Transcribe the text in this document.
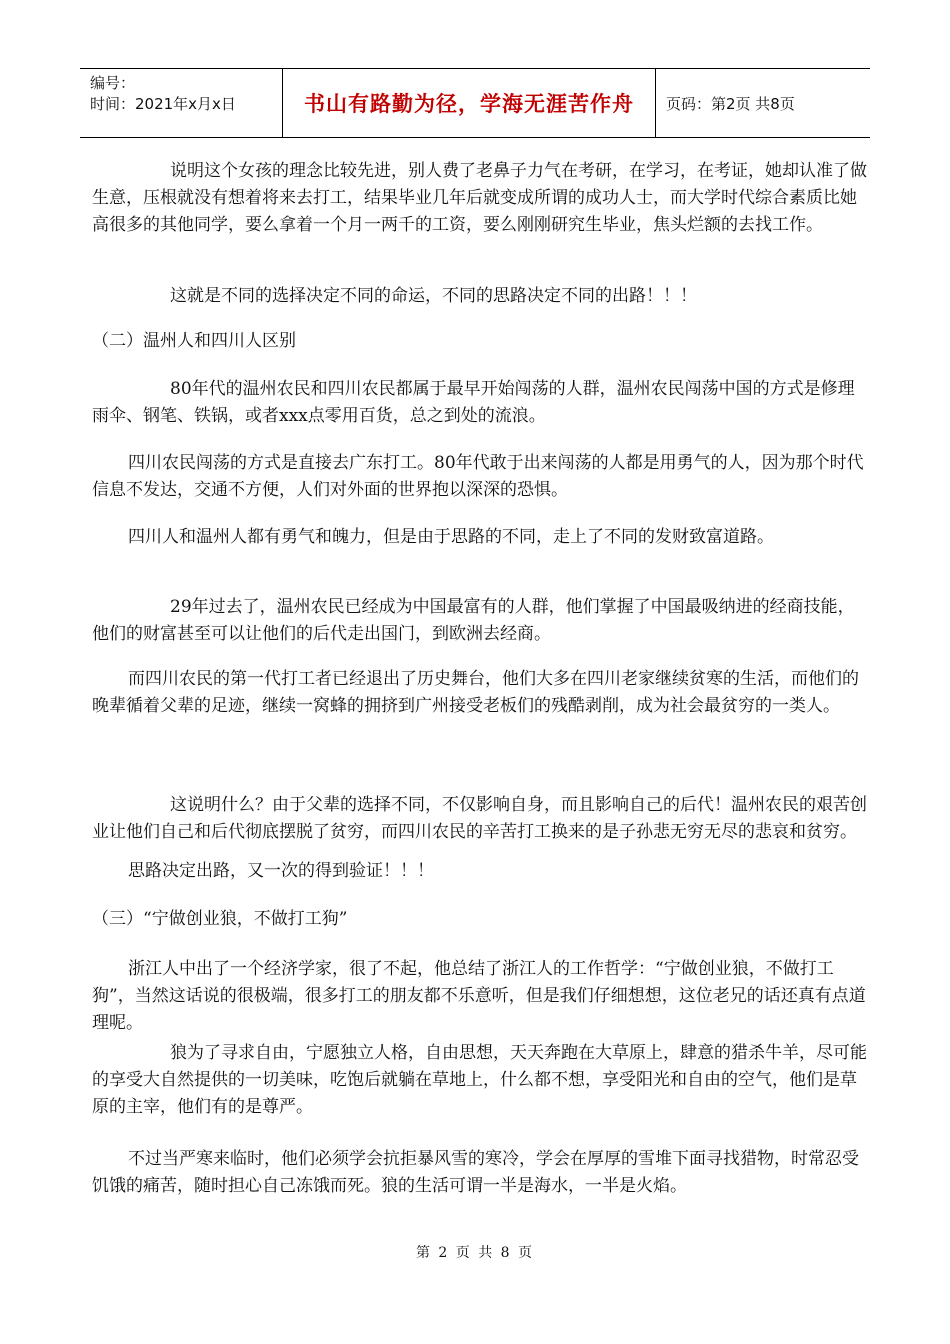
编号：
时间：2021年x月x日	书山有路勤为径，学海无涯苦作舟 页码：第2页 共8页

说明这个女孩的理念比较先进，别人费了老鼻子力气在考研，在学习，在考证，她却认准了做生意，压根就没有想着将来去打工，结果毕业几年后就变成所谓的成功人士，而大学时代综合素质比她高很多的其他同学，要么拿着一个月一两千的工资，要么刚刚研究生毕业，焦头烂额的去找工作。

这就是不同的选择决定不同的命运，不同的思路决定不同的出路！！！

（二）温州人和四川人区别

80年代的温州农民和四川农民都属于最早开始闯荡的人群，温州农民闯荡中国的方式是修理雨伞、钢笔、铁锅，或者xxx点零用百货，总之到处的流浪。

四川农民闯荡的方式是直接去广东打工。80年代敢于出来闯荡的人都是用勇气的人，因为那个时代信息不发达，交通不方便，人们对外面的世界抱以深深的恐惧。

四川人和温州人都有勇气和魄力，但是由于思路的不同，走上了不同的发财致富道路。

29年过去了，温州农民已经成为中国最富有的人群，他们掌握了中国最吸纳进的经商技能，他们的财富甚至可以让他们的后代走出国门，到欧洲去经商。

而四川农民的第一代打工者已经退出了历史舞台，他们大多在四川老家继续贫寒的生活，而他们的晚辈循着父辈的足迹，继续一窝蜂的拥挤到广州接受老板们的残酷剥削，成为社会最贫穷的一类人。

这说明什么？由于父辈的选择不同，不仅影响自身，而且影响自己的后代！温州农民的艰苦创业让他们自己和后代彻底摆脱了贫穷，而四川农民的辛苦打工换来的是子孙悲无穷无尽的悲哀和贫穷。

思路决定出路，又一次的得到验证！！！

（三）“宁做创业狼，不做打工狗”

浙江人中出了一个经济学家，很了不起，他总结了浙江人的工作哲学：“宁做创业狼，不做打工狗”，当然这话说的很极端，很多打工的朋友都不乐意听，但是我们仔细想想，这位老兄的话还真有点道理呢。

狼为了寻求自由，宁愿独立人格，自由思想，天天奔跑在大草原上，肆意的猎杀牛羊，尽可能的享受大自然提供的一切美味，吃饱后就躺在草地上，什么都不想，享受阳光和自由的空气，他们是草原的主宰，他们有的是尊严。

不过当严寒来临时，他们必须学会抗拒暴风雪的寒冷，学会在厚厚的雪堆下面寻找猎物，时常忍受饥饿的痛苦，随时担心自己冻饿而死。狼的生活可谓一半是海水，一半是火焰。

第 2 页 共 8 页
